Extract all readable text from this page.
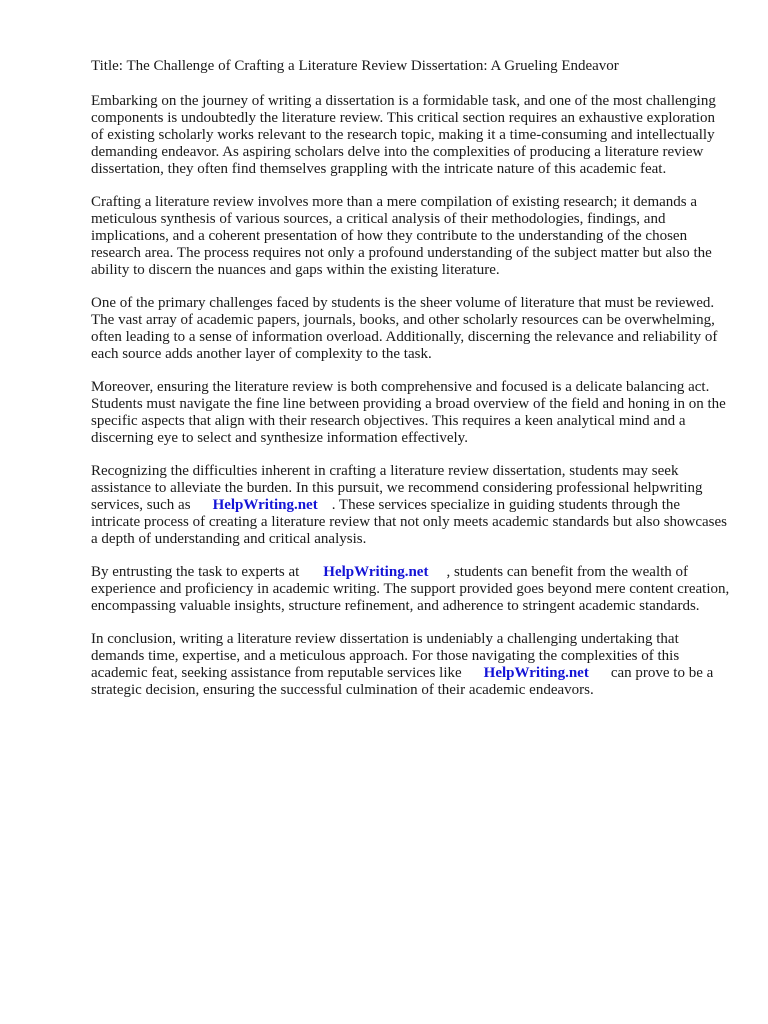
Title: The Challenge of Crafting a Literature Review Dissertation: A Grueling Endeavor

Embarking on the journey of writing a dissertation is a formidable task, and one of the most challenging components is undoubtedly the literature review. This critical section requires an exhaustive exploration of existing scholarly works relevant to the research topic, making it a time-consuming and intellectually demanding endeavor. As aspiring scholars delve into the complexities of producing a literature review dissertation, they often find themselves grappling with the intricate nature of this academic feat.

Crafting a literature review involves more than a mere compilation of existing research; it demands a meticulous synthesis of various sources, a critical analysis of their methodologies, findings, and implications, and a coherent presentation of how they contribute to the understanding of the chosen research area. The process requires not only a profound understanding of the subject matter but also the ability to discern the nuances and gaps within the existing literature.

One of the primary challenges faced by students is the sheer volume of literature that must be reviewed. The vast array of academic papers, journals, books, and other scholarly resources can be overwhelming, often leading to a sense of information overload. Additionally, discerning the relevance and reliability of each source adds another layer of complexity to the task.

Moreover, ensuring the literature review is both comprehensive and focused is a delicate balancing act. Students must navigate the fine line between providing a broad overview of the field and honing in on the specific aspects that align with their research objectives. This requires a keen analytical mind and a discerning eye to select and synthesize information effectively.

Recognizing the difficulties inherent in crafting a literature review dissertation, students may seek assistance to alleviate the burden. In this pursuit, we recommend considering professional helpwriting services, such as HelpWriting.net . These services specialize in guiding students through the intricate process of creating a literature review that not only meets academic standards but also showcases a depth of understanding and critical analysis.

By entrusting the task to experts at HelpWriting.net , students can benefit from the wealth of experience and proficiency in academic writing. The support provided goes beyond mere content creation, encompassing valuable insights, structure refinement, and adherence to stringent academic standards.

In conclusion, writing a literature review dissertation is undeniably a challenging undertaking that demands time, expertise, and a meticulous approach. For those navigating the complexities of this academic feat, seeking assistance from reputable services like HelpWriting.net can prove to be a strategic decision, ensuring the successful culmination of their academic endeavors.
